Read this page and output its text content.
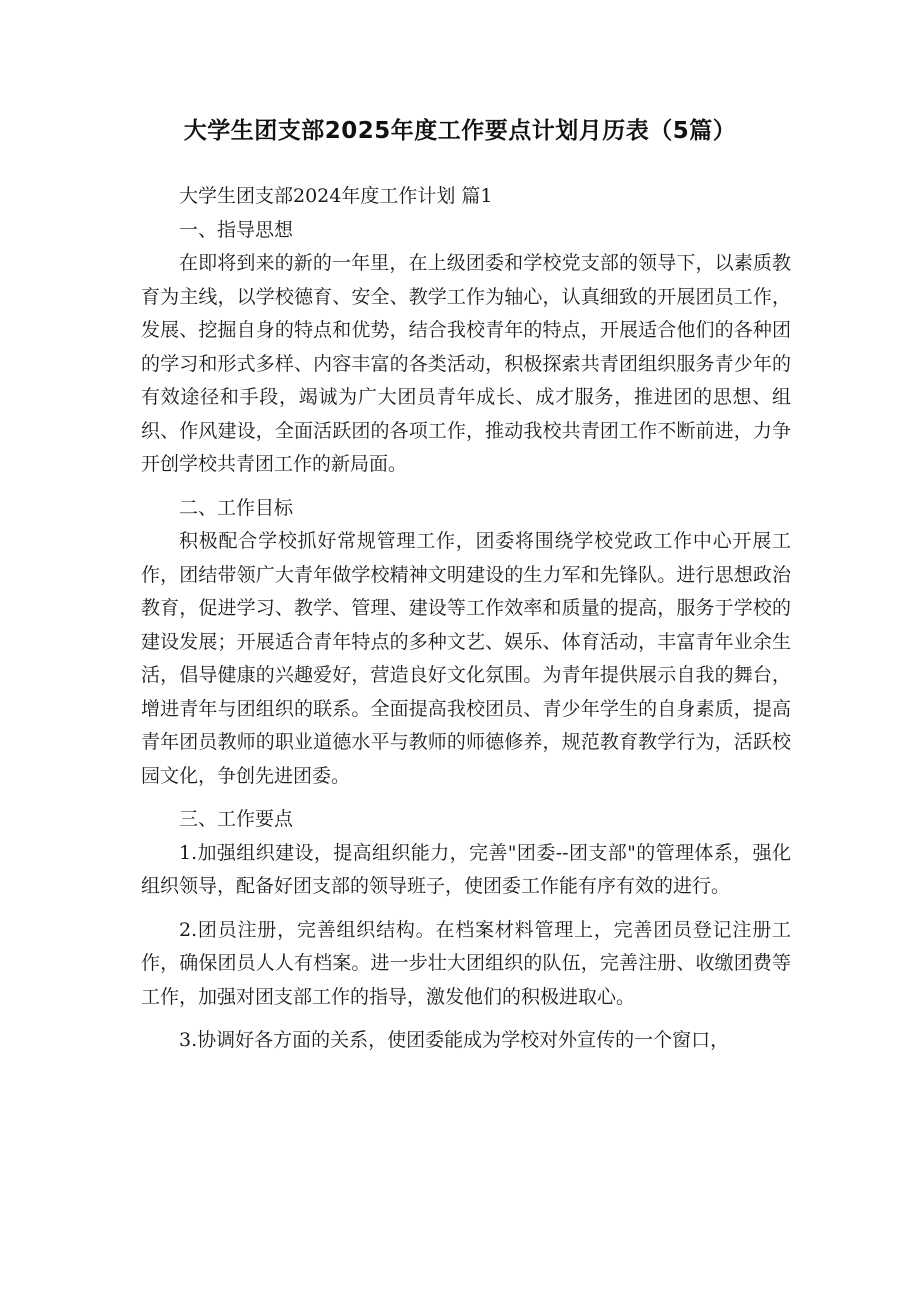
大学生团支部2025年度工作要点计划月历表（5篇）

大学生团支部2024年度工作计划 篇1

一、指导思想

在即将到来的新的一年里，在上级团委和学校党支部的领导下，以素质教育为主线，以学校德育、安全、教学工作为轴心，认真细致的开展团员工作，发展、挖掘自身的特点和优势，结合我校青年的特点，开展适合他们的各种团的学习和形式多样、内容丰富的各类活动，积极探索共青团组织服务青少年的有效途径和手段，竭诚为广大团员青年成长、成才服务，推进团的思想、组织、作风建设，全面活跃团的各项工作，推动我校共青团工作不断前进，力争开创学校共青团工作的新局面。

二、工作目标

积极配合学校抓好常规管理工作，团委将围绕学校党政工作中心开展工作，团结带领广大青年做学校精神文明建设的生力军和先锋队。进行思想政治教育，促进学习、教学、管理、建设等工作效率和质量的提高，服务于学校的建设发展；开展适合青年特点的多种文艺、娱乐、体育活动，丰富青年业余生活，倡导健康的兴趣爱好，营造良好文化氛围。为青年提供展示自我的舞台，增进青年与团组织的联系。全面提高我校团员、青少年学生的自身素质，提高青年团员教师的职业道德水平与教师的师德修养，规范教育教学行为，活跃校园文化，争创先进团委。

三、工作要点

1.加强组织建设，提高组织能力，完善"团委--团支部"的管理体系，强化组织领导，配备好团支部的领导班子，使团委工作能有序有效的进行。

2.团员注册，完善组织结构。在档案材料管理上，完善团员登记注册工作，确保团员人人有档案。进一步壮大团组织的队伍，完善注册、收缴团费等工作，加强对团支部工作的指导，激发他们的积极进取心。

3.协调好各方面的关系，使团委能成为学校对外宣传的一个窗口，
